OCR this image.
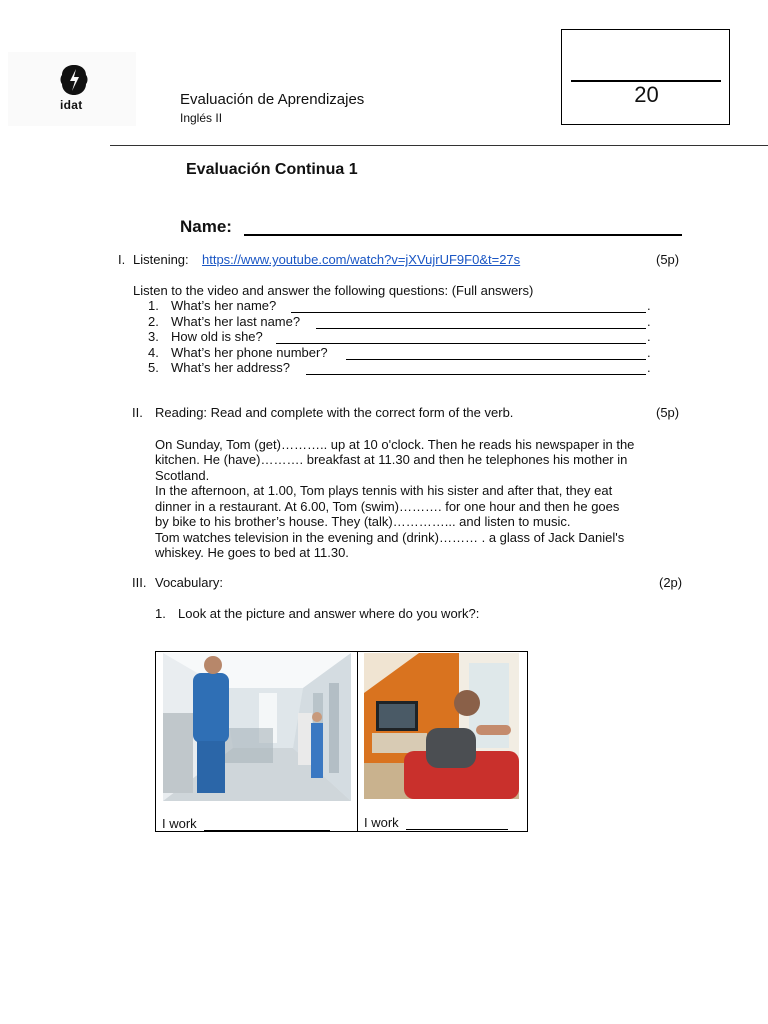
idat	Evaluación de Aprendizajes
Inglés II
20
Evaluación Continua 1
Name:
I. Listening: https://www.youtube.com/watch?v=jXVujrUF9F0&t=27s	(5p)
Listen to the video and answer the following questions: (Full answers)
1. What’s her name?	.
2. What’s her last name?	.
3. How old is she?	.
4. What’s her phone number?	.
5. What’s her address?	.
II. Reading: Read and complete with the correct form of the verb.	(5p)
On Sunday, Tom (get)……….. up at 10 o'clock. Then he reads his newspaper in the
kitchen. He (have)………. breakfast at 11.30 and then he telephones his mother in
Scotland.
In the afternoon, at 1.00, Tom plays tennis with his sister and after that, they eat
dinner in a restaurant. At 6.00, Tom (swim)………. for one hour and then he goes
by bike to his brother’s house. They (talk)…………... and listen to music.
Tom watches television in the evening and (drink)……… . a glass of Jack Daniel's
whiskey. He goes to bed at 11.30.
III. Vocabulary:	(2p)
1. Look at the picture and answer where do you work?:
I work	I work
